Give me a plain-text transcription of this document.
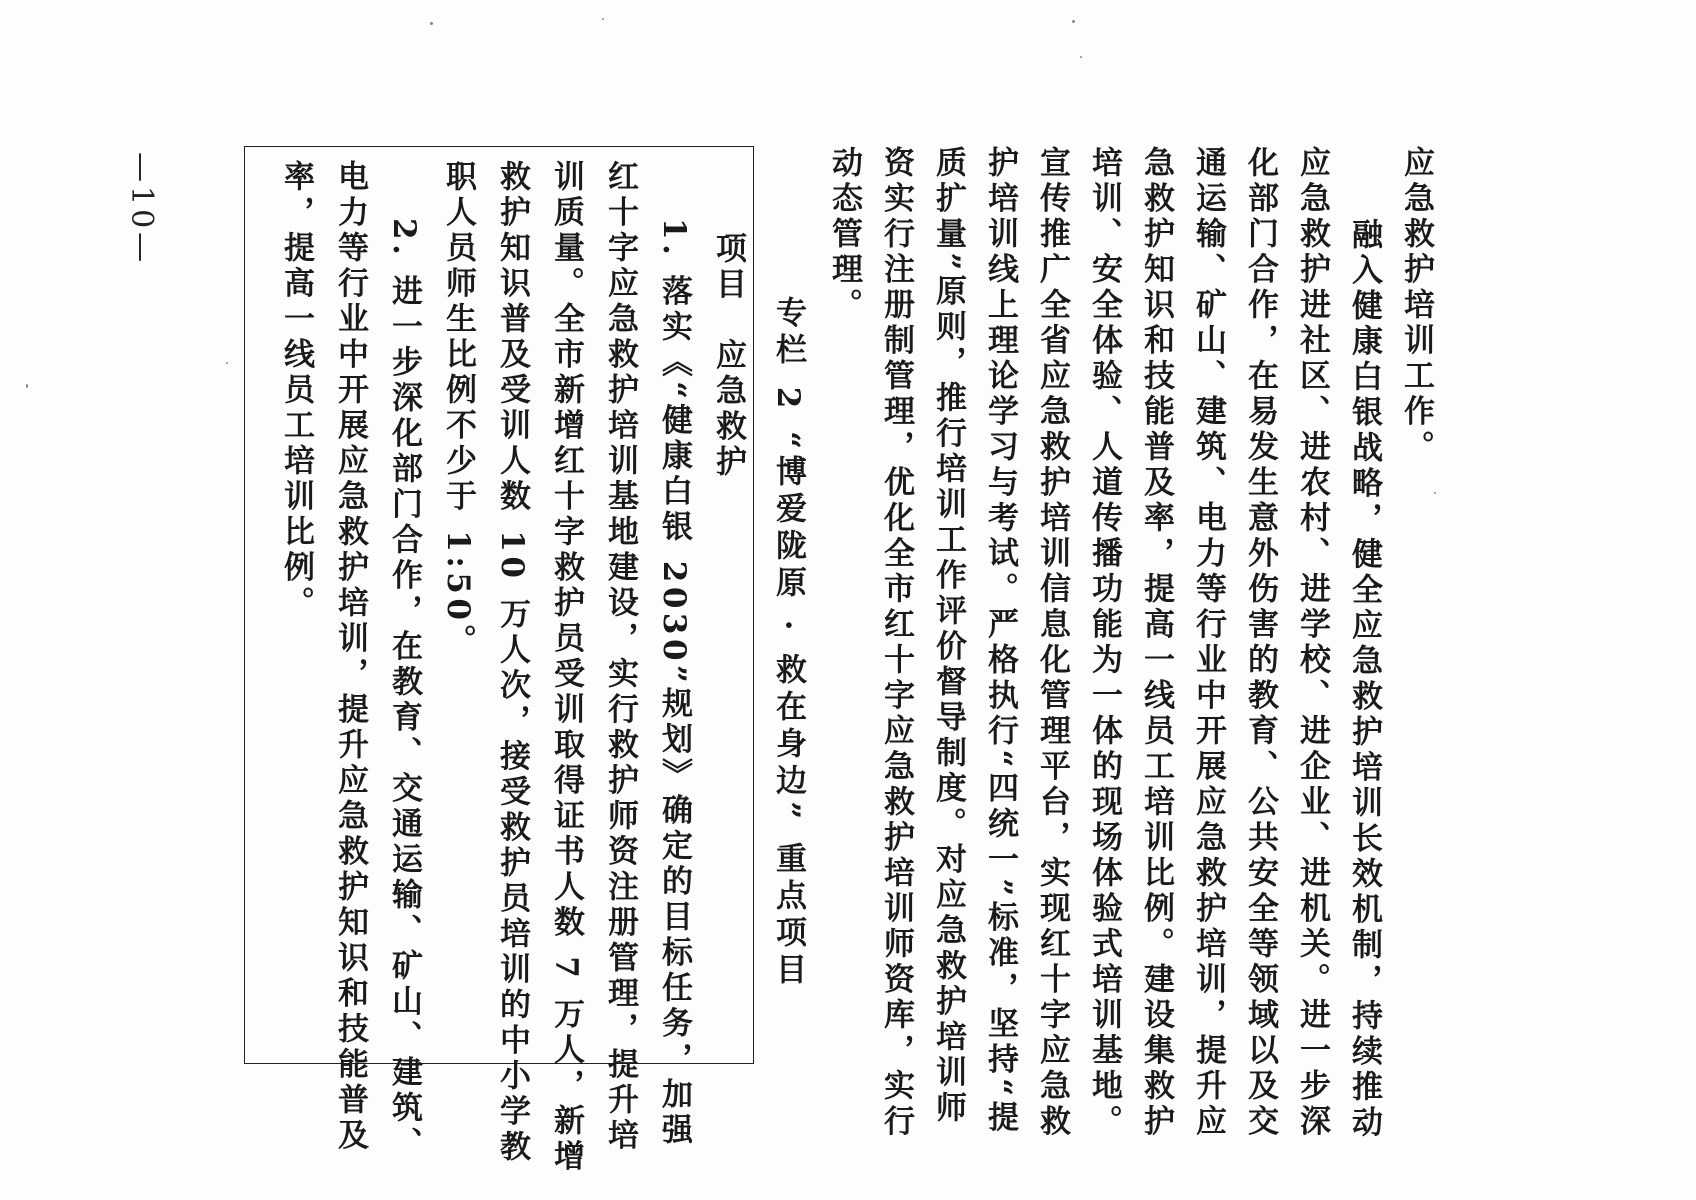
应急救护培训工作。
融入健康白银战略，健全应急救护培训长效机制，持续推动
应急救护进社区、进农村、进学校、进企业、进机关。进一步深
化部门合作，在易发生意外伤害的教育、公共安全等领域以及交
通运输、矿山、建筑、电力等行业中开展应急救护培训，提升应
急救护知识和技能普及率，提高一线员工培训比例。建设集救护
培训、安全体验、人道传播功能为一体的现场体验式培训基地。
宣传推广全省应急救护培训信息化管理平台，实现红十字应急救
护培训线上理论学习与考试。严格执行“四统一”标准，坚持“提
质扩量”原则，推行培训工作评价督导制度。对应急救护培训师
资实行注册制管理，优化全市红十字应急救护培训师资库，实行
动态管理。
专栏 2 “博爱陇原 · 救在身边” 重点项目
项目　应急救护
1. 落实《“健康白银 2030”规划》确定的目标任务，加强
红十字应急救护培训基地建设，实行救护师资注册管理，提升培
训质量。全市新增红十字救护员受训取得证书人数 7 万人，新增
救护知识普及受训人数 10 万人次，接受救护员培训的中小学教
职人员师生比例不少于 1:50。
2. 进一步深化部门合作，在教育、交通运输、矿山、建筑、
电力等行业中开展应急救护培训，提升应急救护知识和技能普及
率，提高一线员工培训比例。
—10—
